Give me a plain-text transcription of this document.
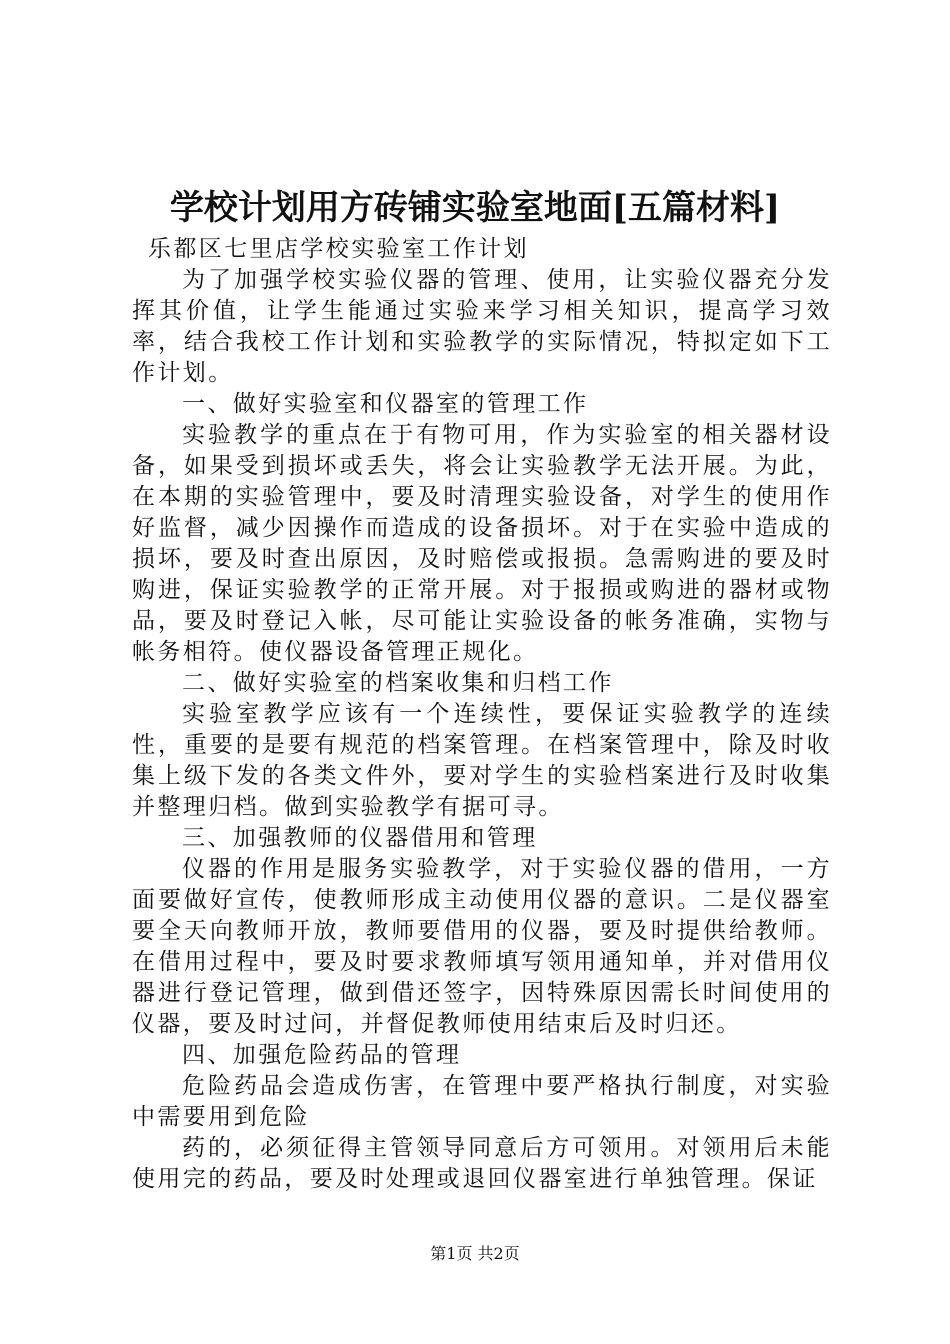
学校计划用方砖铺实验室地面[五篇材料]

乐都区七里店学校实验室工作计划

为了加强学校实验仪器的管理、使用，让实验仪器充分发挥其价值，让学生能通过实验来学习相关知识，提高学习效率，结合我校工作计划和实验教学的实际情况，特拟定如下工作计划。

一、做好实验室和仪器室的管理工作

实验教学的重点在于有物可用，作为实验室的相关器材设备，如果受到损坏或丢失，将会让实验教学无法开展。为此，在本期的实验管理中，要及时清理实验设备，对学生的使用作好监督，减少因操作而造成的设备损坏。对于在实验中造成的损坏，要及时查出原因，及时赔偿或报损。急需购进的要及时购进，保证实验教学的正常开展。对于报损或购进的器材或物品，要及时登记入帐，尽可能让实验设备的帐务准确，实物与帐务相符。使仪器设备管理正规化。

二、做好实验室的档案收集和归档工作

实验室教学应该有一个连续性，要保证实验教学的连续性，重要的是要有规范的档案管理。在档案管理中，除及时收集上级下发的各类文件外，要对学生的实验档案进行及时收集并整理归档。做到实验教学有据可寻。

三、加强教师的仪器借用和管理

仪器的作用是服务实验教学，对于实验仪器的借用，一方面要做好宣传，使教师形成主动使用仪器的意识。二是仪器室要全天向教师开放，教师要借用的仪器，要及时提供给教师。在借用过程中，要及时要求教师填写领用通知单，并对借用仪器进行登记管理，做到借还签字，因特殊原因需长时间使用的仪器，要及时过问，并督促教师使用结束后及时归还。

四、加强危险药品的管理

危险药品会造成伤害，在管理中要严格执行制度，对实验中需要用到危险

药的，必须征得主管领导同意后方可领用。对领用后未能使用完的药品，要及时处理或退回仪器室进行单独管理。保证

第1页 共2页
